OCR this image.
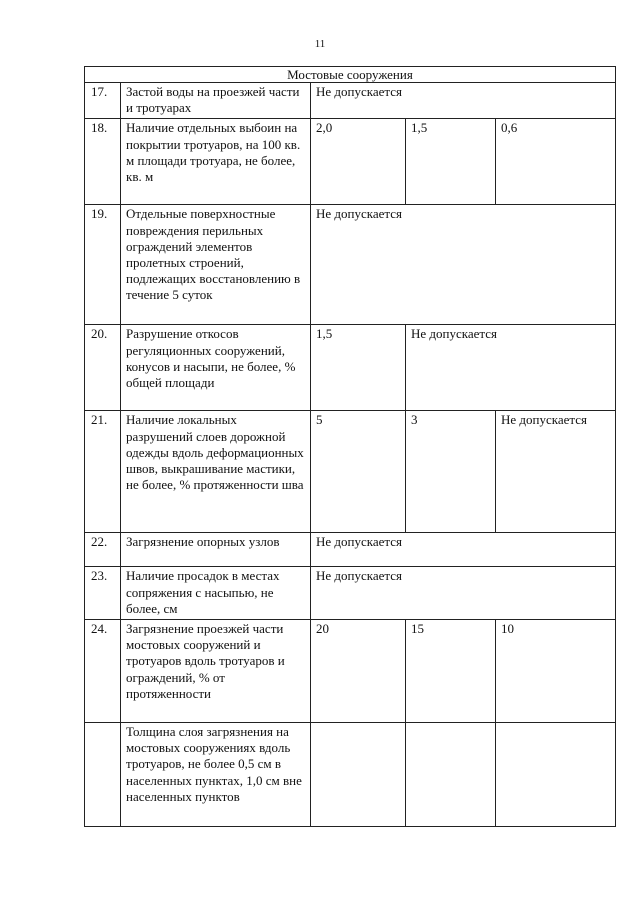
11
Мостовые сооружения				
17.	Застой воды на проезжей части и тротуарах	Не допускается		
18.	Наличие отдельных выбоин на покрытии тротуаров, на 100 кв. м площади тротуара, не более, кв. м	2,0	1,5	0,6
19.	Отдельные поверхностные повреждения перильных ограждений элементов пролетных строений, подлежащих восстановлению в течение 5 суток	Не допускается		
20.	Разрушение откосов регуляционных сооружений, конусов и насыпи, не более, % общей площади	1,5	Не допускается	
21.	Наличие локальных разрушений слоев дорожной одежды вдоль деформационных швов, выкрашивание мастики, не более, % протяженности шва	5	3	Не допускается
22.	Загрязнение опорных узлов	Не допускается		
23.	Наличие просадок в местах сопряжения с насыпью, не более, см	Не допускается		
24.	Загрязнение проезжей части мостовых сооружений и тротуаров вдоль тротуаров и ограждений, % от протяженности	20	15	10
	Толщина слоя загрязнения на мостовых сооружениях вдоль тротуаров, не более 0,5 см в населенных пунктах, 1,0 см вне населенных пунктов			
